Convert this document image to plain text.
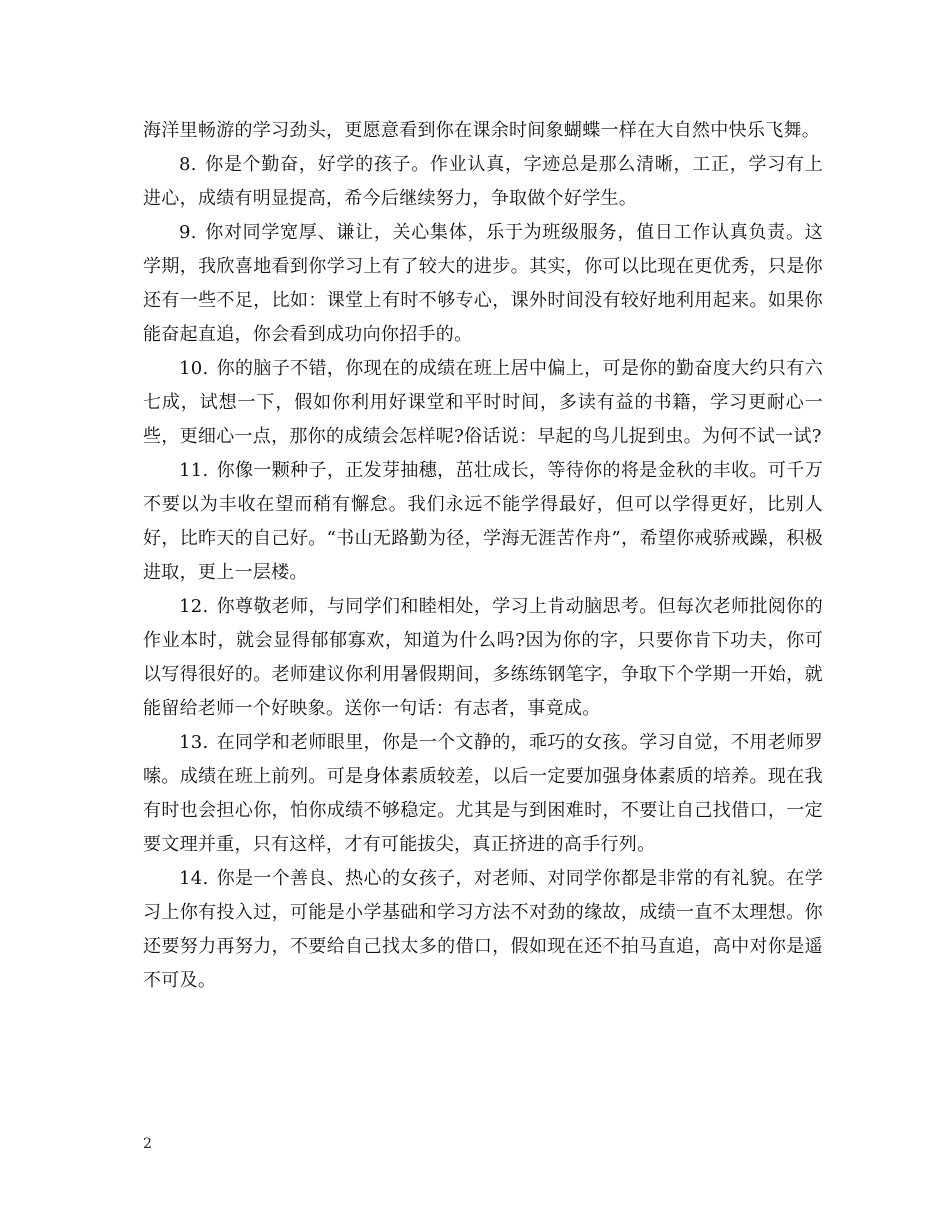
海洋里畅游的学习劲头，更愿意看到你在课余时间象蝴蝶一样在大自然中快乐飞舞。

8. 你是个勤奋，好学的孩子。作业认真，字迹总是那么清晰，工正，学习有上进心，成绩有明显提高，希今后继续努力，争取做个好学生。

9. 你对同学宽厚、谦让，关心集体，乐于为班级服务，值日工作认真负责。这学期，我欣喜地看到你学习上有了较大的进步。其实，你可以比现在更优秀，只是你还有一些不足，比如：课堂上有时不够专心，课外时间没有较好地利用起来。如果你能奋起直追，你会看到成功向你招手的。

10. 你的脑子不错，你现在的成绩在班上居中偏上，可是你的勤奋度大约只有六七成，试想一下，假如你利用好课堂和平时时间，多读有益的书籍，学习更耐心一些，更细心一点，那你的成绩会怎样呢?俗话说：早起的鸟儿捉到虫。为何不试一试?

11. 你像一颗种子，正发芽抽穗，茁壮成长，等待你的将是金秋的丰收。可千万不要以为丰收在望而稍有懈怠。我们永远不能学得最好，但可以学得更好，比别人好，比昨天的自己好。“书山无路勤为径，学海无涯苦作舟”，希望你戒骄戒躁，积极进取，更上一层楼。

12. 你尊敬老师，与同学们和睦相处，学习上肯动脑思考。但每次老师批阅你的作业本时，就会显得郁郁寡欢，知道为什么吗?因为你的字，只要你肯下功夫，你可以写得很好的。老师建议你利用暑假期间，多练练钢笔字，争取下个学期一开始，就能留给老师一个好映象。送你一句话：有志者，事竟成。

13. 在同学和老师眼里，你是一个文静的，乖巧的女孩。学习自觉，不用老师罗嗦。成绩在班上前列。可是身体素质较差，以后一定要加强身体素质的培养。现在我有时也会担心你，怕你成绩不够稳定。尤其是与到困难时，不要让自己找借口，一定要文理并重，只有这样，才有可能拔尖，真正挤进的高手行列。

14. 你是一个善良、热心的女孩子，对老师、对同学你都是非常的有礼貌。在学习上你有投入过，可能是小学基础和学习方法不对劲的缘故，成绩一直不太理想。你还要努力再努力，不要给自己找太多的借口，假如现在还不拍马直追，高中对你是遥不可及。

2
